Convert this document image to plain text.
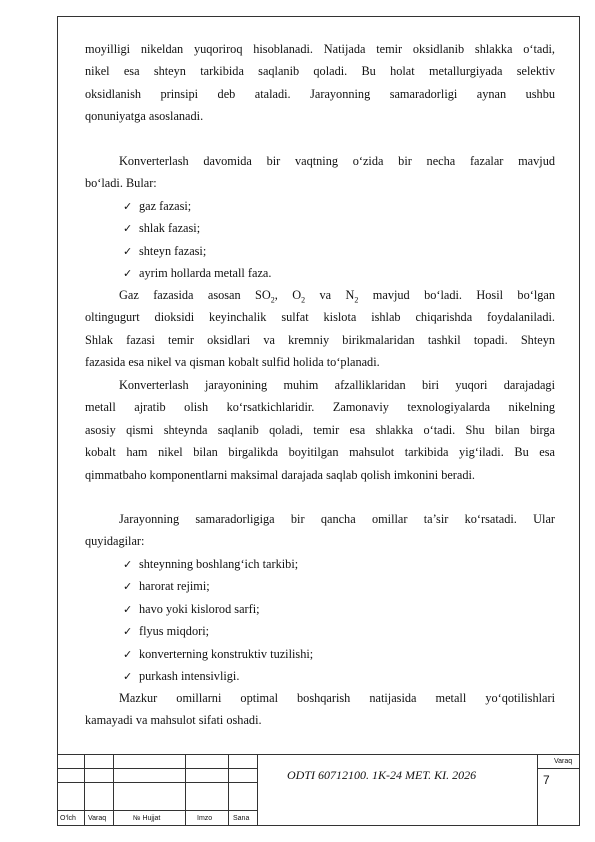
moyilligi nikeldan yuqoriroq hisoblanadi. Natijada temir oksidlanib shlakka o‘tadi,
nikel esa shteyn tarkibida saqlanib qoladi. Bu holat metallurgiyada selektiv
oksidlanish prinsipi deb ataladi. Jarayonning samaradorligi aynan ushbu
qonuniyatga asoslanadi.
Konverterlash davomida bir vaqtning o‘zida bir necha fazalar mavjud
bo‘ladi. Bular:
✓ gaz fazasi;
✓ shlak fazasi;
✓ shteyn fazasi;
✓ ayrim hollarda metall faza.
Gaz fazasida asosan $SO_2$, $O_2$ va $N_2$ mavjud bo‘ladi. Hosil bo‘lgan
oltingugurt dioksidi keyinchalik sulfat kislota ishlab chiqarishda foydalaniladi.
Shlak fazasi temir oksidlari va kremniy birikmalaridan tashkil topadi. Shteyn
fazasida esa nikel va qisman kobalt sulfid holida to‘planadi.
Konverterlash jarayonining muhim afzalliklaridan biri yuqori darajadagi
metall ajratib olish ko‘rsatkichlaridir. Zamonaviy texnologiyalarda nikelning
asosiy qismi shteynda saqlanib qoladi, temir esa shlakka o‘tadi. Shu bilan birga
kobalt ham nikel bilan birgalikda boyitilgan mahsulot tarkibida yig‘iladi. Bu esa
qimmatbaho komponentlarni maksimal darajada saqlab qolish imkonini beradi.
Jarayonning samaradorligiga bir qancha omillar ta’sir ko‘rsatadi. Ular
quyidagilar:
✓ shteynning boshlang‘ich tarkibi;
✓ harorat rejimi;
✓ havo yoki kislorod sarfi;
✓ flyus miqdori;
✓ konverterning konstruktiv tuzilishi;
✓ purkash intensivligi.
Mazkur omillarni optimal boshqarish natijasida metall yo‘qotilishlari
kamayadi va mahsulot sifati oshadi.
O‘lch Varaq	№ Hujjat	Imzo	Sana
ODTI 60712100. 1K-24 MET. KI. 2026
Varaq
7
